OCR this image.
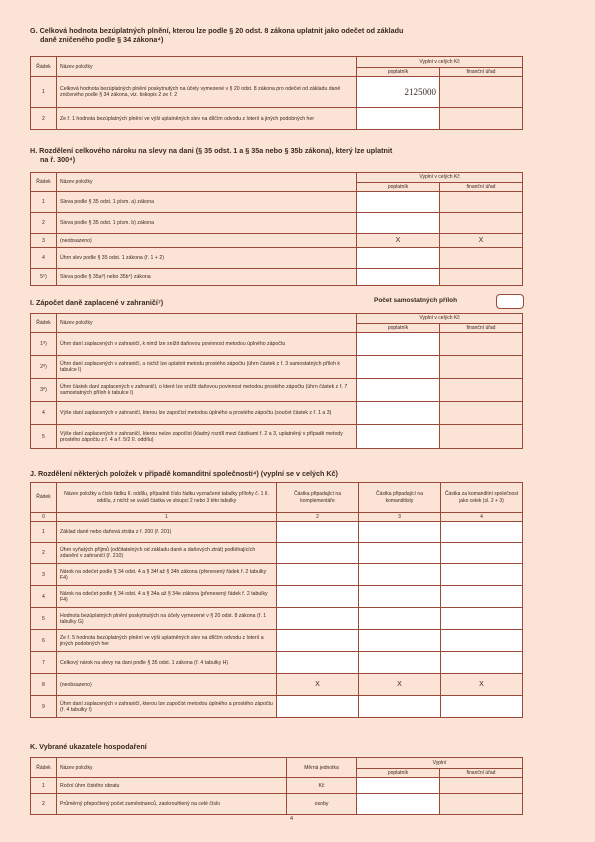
G. Celková hodnota bezúplatných plnění, kterou lze podle § 20 odst. 8 zákona uplatnit jako odečet od základu
daně zničeného podle § 34 zákona⁴)
Řádek	Název položky	Vyplní v celých Kč	
		poplatník	finanční úřad
1	Celková hodnota bezúplatných plnění poskytnutých na účely vymezené v § 20 odst. 8 zákona pro odečet od základu daně zničeného podle § 34 zákona, viz. tiskopis 2 ze ř. 2	2125000	
2	Ze ř. 1 hodnota bezúplatných plnění ve výši uplatněných slev na dílčím odvodu z loterií a jiných podobných her		
H. Rozdělení celkového nároku na slevy na dani (§ 35 odst. 1 a § 35a nebo § 35b zákona), který lze uplatnit
na ř. 300⁴)
Řádek	Název položky	Vyplní v celých Kč	
		poplatník	finanční úřad
1	Sleva podle § 35 odst. 1 písm. a) zákona		
2	Sleva podle § 35 odst. 1 písm. b) zákona		
3	(neobsazeno)	X	X
4	Úhrn slev podle § 35 odst. 1 zákona (ř. 1 + 2)		
5⁶)	Sleva podle § 35a⁸) nebo 35b⁴) zákona		
I. Zápočet daně zaplacené v zahraničí⁷)	Počet samostatných příloh
Řádek	Název položky	Vyplní v celých Kč	
		poplatník	finanční úřad
1⁸)	Úhrn daní zaplacených v zahraničí, k nimž lze snížit daňovou povinnost metodou úplného zápočtu		
2⁸)	Úhrn daní zaplacených v zahraničí, u nichž lze uplatnit metodu prostého zápočtu (úhrn částek z ř. 3 samostatných příloh k tabulce I)		
3⁸)	Úhrn částek daní zaplacených v zahraničí, o které lze snížit daňovou povinnost metodou prostého zápočtu (úhrn částek z ř. 7 samostatných příloh k tabulce I)		
4	Výše daní zaplacených v zahraničí, kterou lze započíst metodou úplného a prostého zápočtu (součet částek z ř. 1 a 3)		
5	Výše daní zaplacených v zahraničí, kterou nelze započíst (kladný rozdíl mezi částkami ř. 2 a 3, uplatněný v případě metody prostého zápočtu z ř. 4 a ř. 5/2 II. oddílu)		
J. Rozdělení některých položek v případě komanditní společnosti⁴) (vyplní se v celých Kč)
Řádek	Název položky a číslo řádku II. oddílu, případně číslo řádku vyznačené tabulky přílohy č. 1 II. oddílu, z nichž se uvádí částka ve sloupci 2 nebo 3 této tabulky	Částka připadající na komplementáře	Částka připadající na komanditisty	Částka za komanditní společnost jako celek (sl. 2 + 3)
0	1	2	3	4
1	Základ daně nebo daňová ztráta z ř. 200 (ř. 201)			
2	Úhrn vyňatých příjmů (odčitatelných od základu daně a daňových ztrát) podléhajících zdanění v zahraničí (ř. 210)			
3	Nárok na odečet podle § 34 odst. 4 a § 34f až § 34h zákona (přenesený řádek ř. 2 tabulky F4)			
4	Nárok na odečet podle § 34 odst. 4 a § 34a až § 34e zákona (přenesený řádek ř. 2 tabulky F4)			
5	Hodnota bezúplatných plnění poskytnutých na účely vymezené v § 20 odst. 8 zákona (ř. 1 tabulky G)			
6	Ze ř. 5 hodnota bezúplatných plnění ve výši uplatněných slev na dílčím odvodu z loterií a jiných podobných her			
7	Celkový nárok na slevy na dani podle § 35 odst. 1 zákona (ř. 4 tabulky H)			
8	(neobsazeno)	X	X	X
9	Úhrn daní zaplacených v zahraničí, kterou lze započíst metodou úplného a prostého zápočtu (ř. 4 tabulky I)			
K. Vybrané ukazatele hospodaření
Řádek	Název položky	Měrná jednotka	Vyplní	
			poplatník	finanční úřad
1	Roční úhrn čistého obratu	Kč		
2	Průměrný přepočtený počet zaměstnanců, zaokrouhlený na celé číslo	osoby		
4
